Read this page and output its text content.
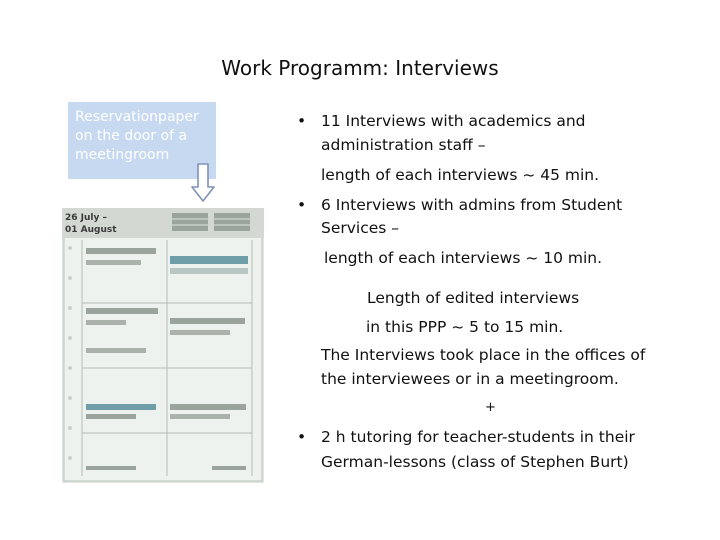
Work Programm: Interviews
Reservationpaper
on the door of a
meetingroom
26 July –
01 August
• 11 Interviews with academics and
administration staff –
length of each interviews ~ 45 min.
• 6 Interviews with admins from Student
Services –
length of each interviews ~ 10 min.
Length of edited interviews
in this PPP ~ 5 to 15 min.
The Interviews took place in the offices of
the interviewees or in a meetingroom.
+
• 2 h tutoring for teacher-students in their
German-lessons (class of Stephen Burt)
